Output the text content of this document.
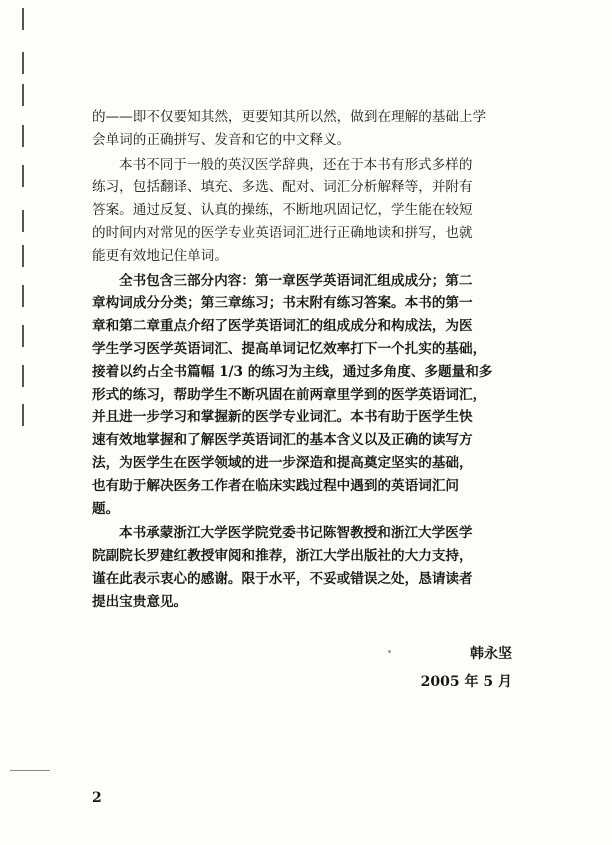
的——即不仅要知其然，更要知其所以然，做到在理解的基础上学
会单词的正确拼写、发音和它的中文释义。
本书不同于一般的英汉医学辞典，还在于本书有形式多样的
练习，包括翻译、填充、多选、配对、词汇分析解释等，并附有
答案。通过反复、认真的操练，不断地巩固记忆，学生能在较短
的时间内对常见的医学专业英语词汇进行正确地读和拼写，也就
能更有效地记住单词。
全书包含三部分内容：第一章医学英语词汇组成成分；第二
章构词成分分类；第三章练习；书末附有练习答案。本书的第一
章和第二章重点介绍了医学英语词汇的组成成分和构成法，为医
学生学习医学英语词汇、提高单词记忆效率打下一个扎实的基础，
接着以约占全书篇幅 1/3 的练习为主线，通过多角度、多题量和多
形式的练习，帮助学生不断巩固在前两章里学到的医学英语词汇，
并且进一步学习和掌握新的医学专业词汇。本书有助于医学生快
速有效地掌握和了解医学英语词汇的基本含义以及正确的读写方
法，为医学生在医学领域的进一步深造和提高奠定坚实的基础，
也有助于解决医务工作者在临床实践过程中遇到的英语词汇问
题。
本书承蒙浙江大学医学院党委书记陈智教授和浙江大学医学
院副院长罗建红教授审阅和推荐，浙江大学出版社的大力支持，
谨在此表示衷心的感谢。限于水平，不妥或错误之处，恳请读者
提出宝贵意见。
韩永坚
2005 年 5 月
2
